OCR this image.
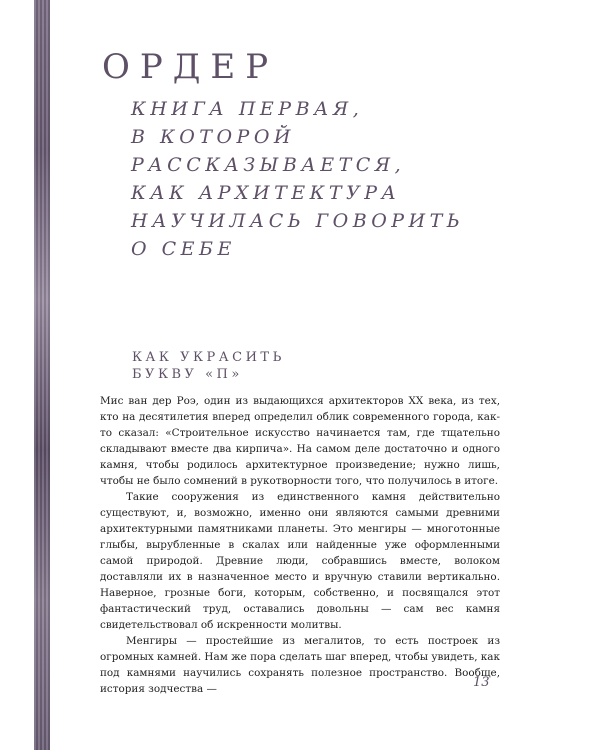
ОРДЕР
КНИГА ПЕРВАЯ,
В КОТОРОЙ
РАССКАЗЫВАЕТСЯ,
КАК АРХИТЕКТУРА
НАУЧИЛАСЬ ГОВОРИТЬ
О СЕБЕ
КАК УКРАСИТЬ
БУКВУ «П»

Мис ван дер Роэ, один из выдающихся архитекторов XX века, из тех, кто на десятилетия вперед определил облик современного города, как-то сказал: «Строительное искусство начинается там, где тщательно складывают вместе два кирпича». На самом деле достаточно и одного камня, чтобы родилось архитектурное произведение; нужно лишь, чтобы не было сомнений в рукотворности того, что получилось в итоге.

Такие сооружения из единственного камня действительно существуют, и, возможно, именно они являются самыми древними архитектурными памятниками планеты. Это менгиры — многотонные глыбы, вырубленные в скалах или найденные уже оформленными самой природой. Древние люди, собравшись вместе, волоком доставляли их в назначенное место и вручную ставили вертикально. Наверное, грозные боги, которым, собственно, и посвящался этот фантастический труд, оставались довольны — сам вес камня свидетельствовал об искренности молитвы.

Менгиры — простейшие из мегалитов, то есть построек из огромных камней. Нам же пора сделать шаг вперед, чтобы увидеть, как под камнями научились сохранять полезное пространство. Вообще, история зодчества —	13
